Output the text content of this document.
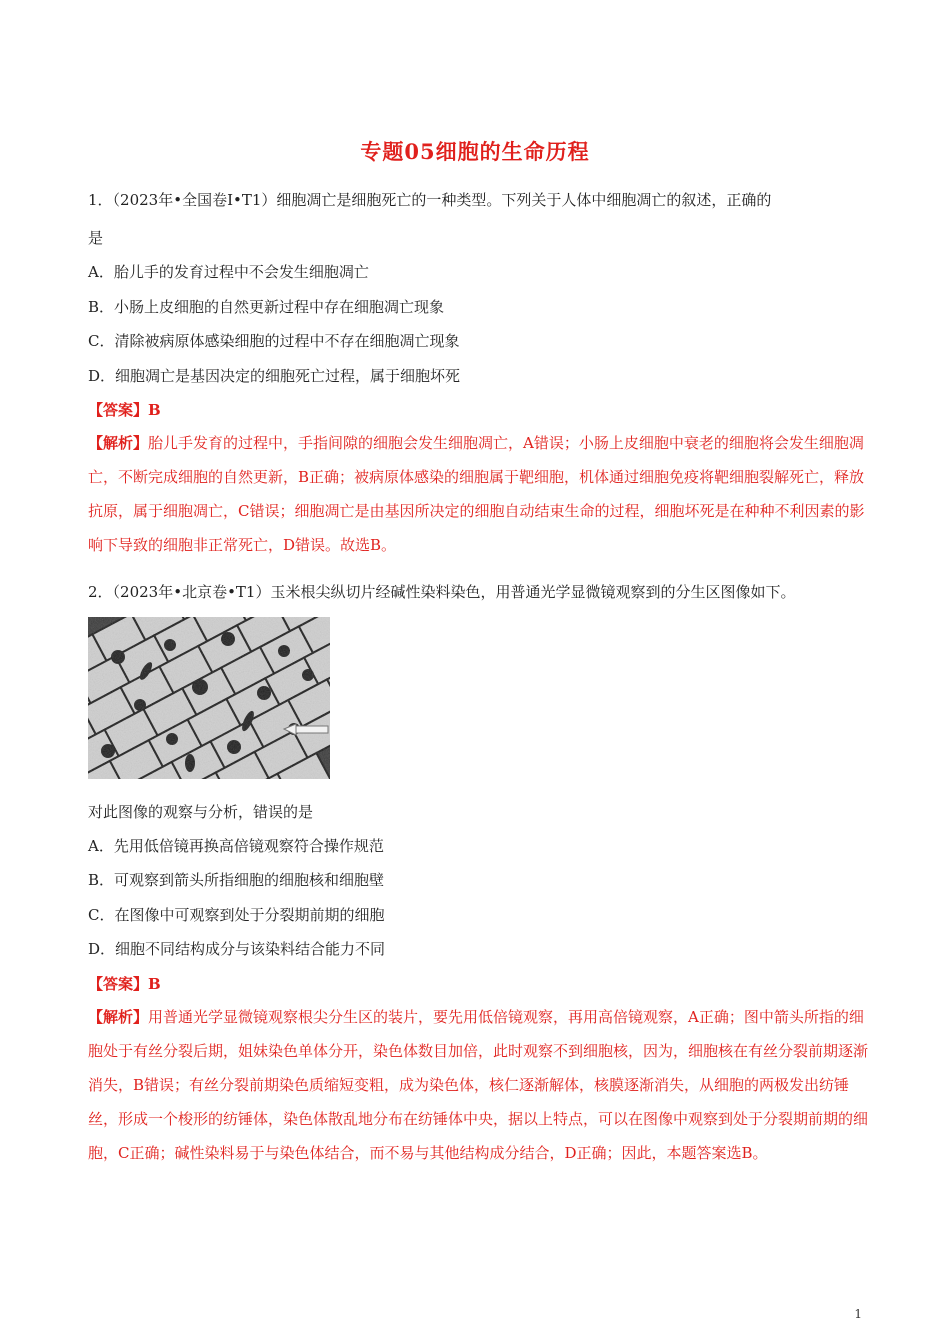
专题05细胞的生命历程
1．（2023年•全国卷Ⅰ•T1）细胞凋亡是细胞死亡的一种类型。下列关于人体中细胞凋亡的叙述，正确的
是
A．胎儿手的发育过程中不会发生细胞凋亡
B．小肠上皮细胞的自然更新过程中存在细胞凋亡现象
C．清除被病原体感染细胞的过程中不存在细胞凋亡现象
D．细胞凋亡是基因决定的细胞死亡过程，属于细胞坏死
【答案】B
【解析】胎儿手发育的过程中，手指间隙的细胞会发生细胞凋亡，A错误；小肠上皮细胞中衰老的细胞将会发生细胞凋亡，不断完成细胞的自然更新，B正确；被病原体感染的细胞属于靶细胞，机体通过细胞免疫将靶细胞裂解死亡，释放抗原，属于细胞凋亡，C错误；细胞凋亡是由基因所决定的细胞自动结束生命的过程，细胞坏死是在种种不利因素的影响下导致的细胞非正常死亡，D错误。故选B。
2．（2023年•北京卷•T1）玉米根尖纵切片经碱性染料染色，用普通光学显微镜观察到的分生区图像如下。
对此图像的观察与分析，错误的是
A．先用低倍镜再换高倍镜观察符合操作规范
B．可观察到箭头所指细胞的细胞核和细胞壁
C．在图像中可观察到处于分裂期前期的细胞
D．细胞不同结构成分与该染料结合能力不同
【答案】B
【解析】用普通光学显微镜观察根尖分生区的装片，要先用低倍镜观察，再用高倍镜观察，A正确；图中箭头所指的细胞处于有丝分裂后期，姐妹染色单体分开，染色体数目加倍，此时观察不到细胞核，因为，细胞核在有丝分裂前期逐渐消失，B错误；有丝分裂前期染色质缩短变粗，成为染色体，核仁逐渐解体，核膜逐渐消失，从细胞的两极发出纺锤丝，形成一个梭形的纺锤体，染色体散乱地分布在纺锤体中央，据以上特点，可以在图像中观察到处于分裂期前期的细胞，C正确；碱性染料易于与染色体结合，而不易与其他结构成分结合，D正确；因此，本题答案选B。
1
